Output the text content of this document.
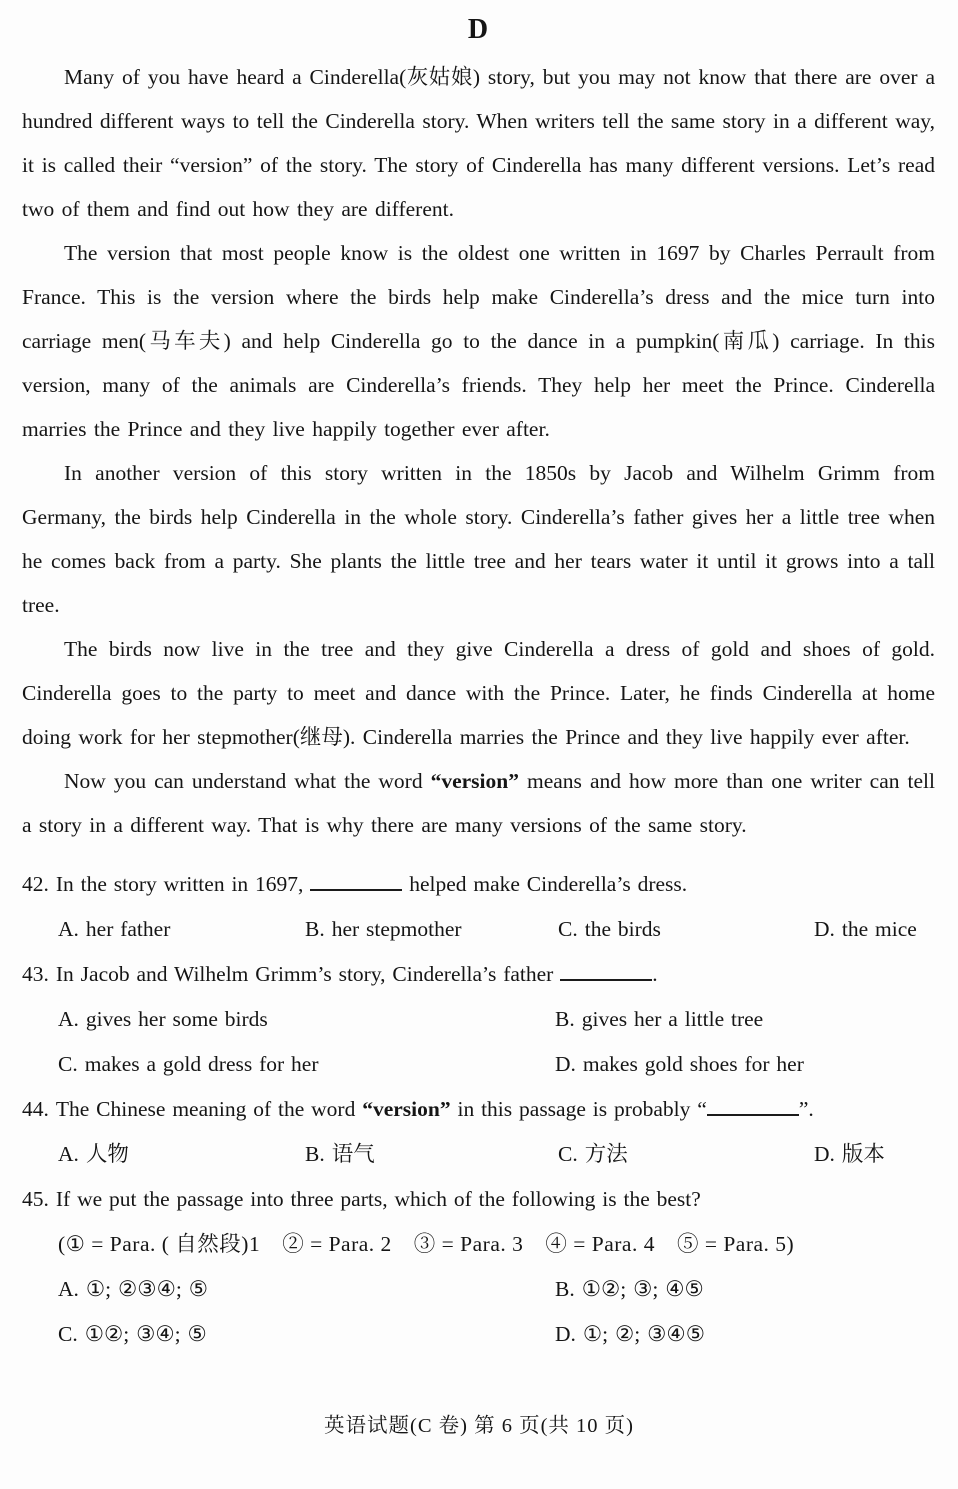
D

Many of you have heard a Cinderella(灰姑娘) story, but you may not know that there are over a hundred different ways to tell the Cinderella story. When writers tell the same story in a different way, it is called their “version” of the story. The story of Cinderella has many different versions. Let’s read two of them and find out how they are different.

The version that most people know is the oldest one written in 1697 by Charles Perrault from France. This is the version where the birds help make Cinderella’s dress and the mice turn into carriage men(马车夫) and help Cinderella go to the dance in a pumpkin(南瓜) carriage. In this version, many of the animals are Cinderella’s friends. They help her meet the Prince. Cinderella marries the Prince and they live happily together ever after.

In another version of this story written in the 1850s by Jacob and Wilhelm Grimm from Germany, the birds help Cinderella in the whole story. Cinderella’s father gives her a little tree when he comes back from a party. She plants the little tree and her tears water it until it grows into a tall tree.

The birds now live in the tree and they give Cinderella a dress of gold and shoes of gold. Cinderella goes to the party to meet and dance with the Prince. Later, he finds Cinderella at home doing work for her stepmother(继母). Cinderella marries the Prince and they live happily ever after.

Now you can understand what the word “version” means and how more than one writer can tell a story in a different way. That is why there are many versions of the same story.

42. In the story written in 1697,	helped make Cinderella’s dress.
A. her father	B. her stepmother	C. the birds	D. the mice
43. In Jacob and Wilhelm Grimm’s story, Cinderella’s father	.
A. gives her some birds	B. gives her a little tree
C. makes a gold dress for her	D. makes gold shoes for her
44. The Chinese meaning of the word “version” in this passage is probably “	”.
A. 人物	B. 语气	C. 方法	D. 版本
45. If we put the passage into three parts, which of the following is the best?
(① = Para. ( 自然段)1　② = Para. 2　③ = Para. 3　④ = Para. 4　⑤ = Para. 5)
A. ①; ②③④; ⑤	B. ①②; ③; ④⑤
C. ①②; ③④; ⑤	D. ①; ②; ③④⑤
英语试题(C 卷) 第 6 页(共 10 页)
